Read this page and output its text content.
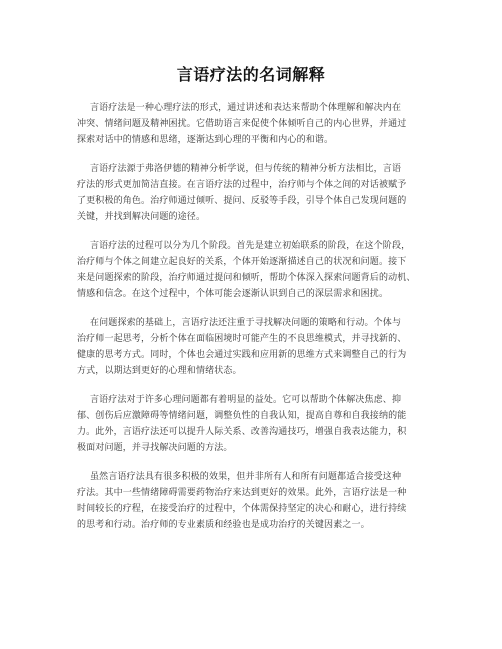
言语疗法的名词解释
言语疗法是一种心理疗法的形式，通过讲述和表达来帮助个体理解和解决内在
冲突、情绪问题及精神困扰。它借助语言来促使个体倾听自己的内心世界，并通过
探索对话中的情感和思绪，逐渐达到心理的平衡和内心的和谐。
言语疗法源于弗洛伊德的精神分析学说，但与传统的精神分析方法相比，言语
疗法的形式更加简洁直接。在言语疗法的过程中，治疗师与个体之间的对话被赋予
了更积极的角色。治疗师通过倾听、提问、反驳等手段，引导个体自己发现问题的
关键，并找到解决问题的途径。
言语疗法的过程可以分为几个阶段。首先是建立初始联系的阶段，在这个阶段，
治疗师与个体之间建立起良好的关系，个体开始逐渐描述自己的状况和问题。接下
来是问题探索的阶段，治疗师通过提问和倾听，帮助个体深入探索问题背后的动机、
情感和信念。在这个过程中，个体可能会逐渐认识到自己的深层需求和困扰。
在问题探索的基础上，言语疗法还注重于寻找解决问题的策略和行动。个体与
治疗师一起思考，分析个体在面临困境时可能产生的不良思维模式，并寻找新的、
健康的思考方式。同时，个体也会通过实践和应用新的思维方式来调整自己的行为
方式，以期达到更好的心理和情绪状态。
言语疗法对于许多心理问题都有着明显的益处。它可以帮助个体解决焦虑、抑
郁、创伤后应激障碍等情绪问题，调整负性的自我认知，提高自尊和自我接纳的能
力。此外，言语疗法还可以提升人际关系、改善沟通技巧，增强自我表达能力，积
极面对问题，并寻找解决问题的方法。
虽然言语疗法具有很多积极的效果，但并非所有人和所有问题都适合接受这种
疗法。其中一些情绪障碍需要药物治疗来达到更好的效果。此外，言语疗法是一种
时间较长的疗程，在接受治疗的过程中，个体需保持坚定的决心和耐心，进行持续
的思考和行动。治疗师的专业素质和经验也是成功治疗的关键因素之一。
